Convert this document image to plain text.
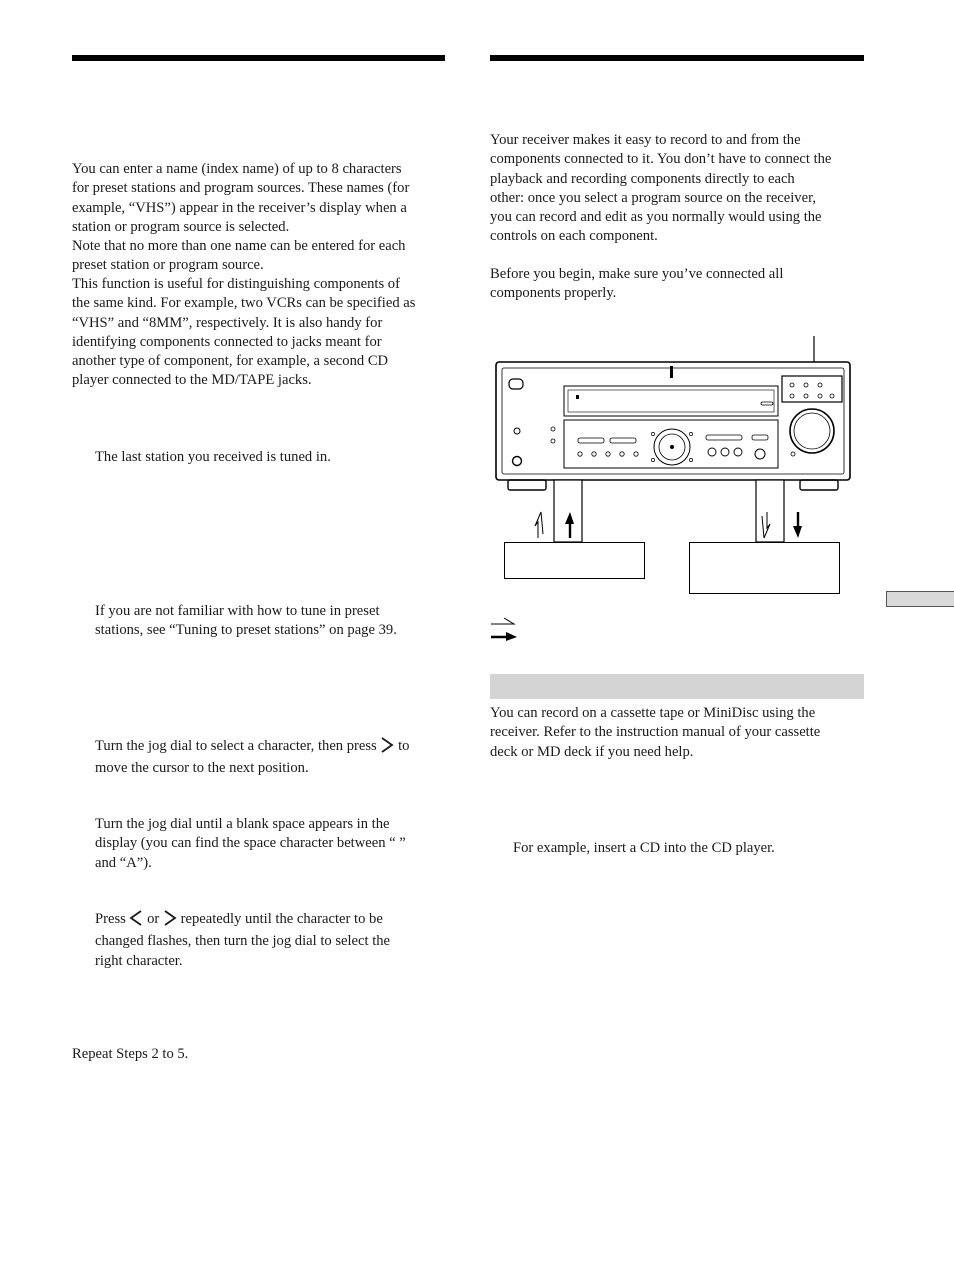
You can enter a name (index name) of up to 8 characters
for preset stations and program sources. These names (for
example, “VHS”) appear in the receiver’s display when a
station or program source is selected.

Note that no more than one name can be entered for each
preset station or program source.

This function is useful for distinguishing components of
the same kind. For example, two VCRs can be specified as
“VHS” and “8MM”, respectively. It is also handy for
identifying components connected to jacks meant for
another type of component, for example, a second CD
player connected to the MD/TAPE jacks.

The last station you received is tuned in.

If you are not familiar with how to tune in preset
stations, see “Tuning to preset stations” on page 39.

Turn the jog dial to select a character, then press to
move the cursor to the next position.

Turn the jog dial until a blank space appears in the
display (you can find the space character between “ ”
and “A”).

Press or repeatedly until the character to be
changed flashes, then turn the jog dial to select the
right character.

Repeat Steps 2 to 5.

Your receiver makes it easy to record to and from the
components connected to it. You don’t have to connect the
playback and recording components directly to each
other: once you select a program source on the receiver,
you can record and edit as you normally would using the
controls on each component.

Before you begin, make sure you’ve connected all
components properly.

You can record on a cassette tape or MiniDisc using the
receiver. Refer to the instruction manual of your cassette
deck or MD deck if you need help.

For example, insert a CD into the CD player.
